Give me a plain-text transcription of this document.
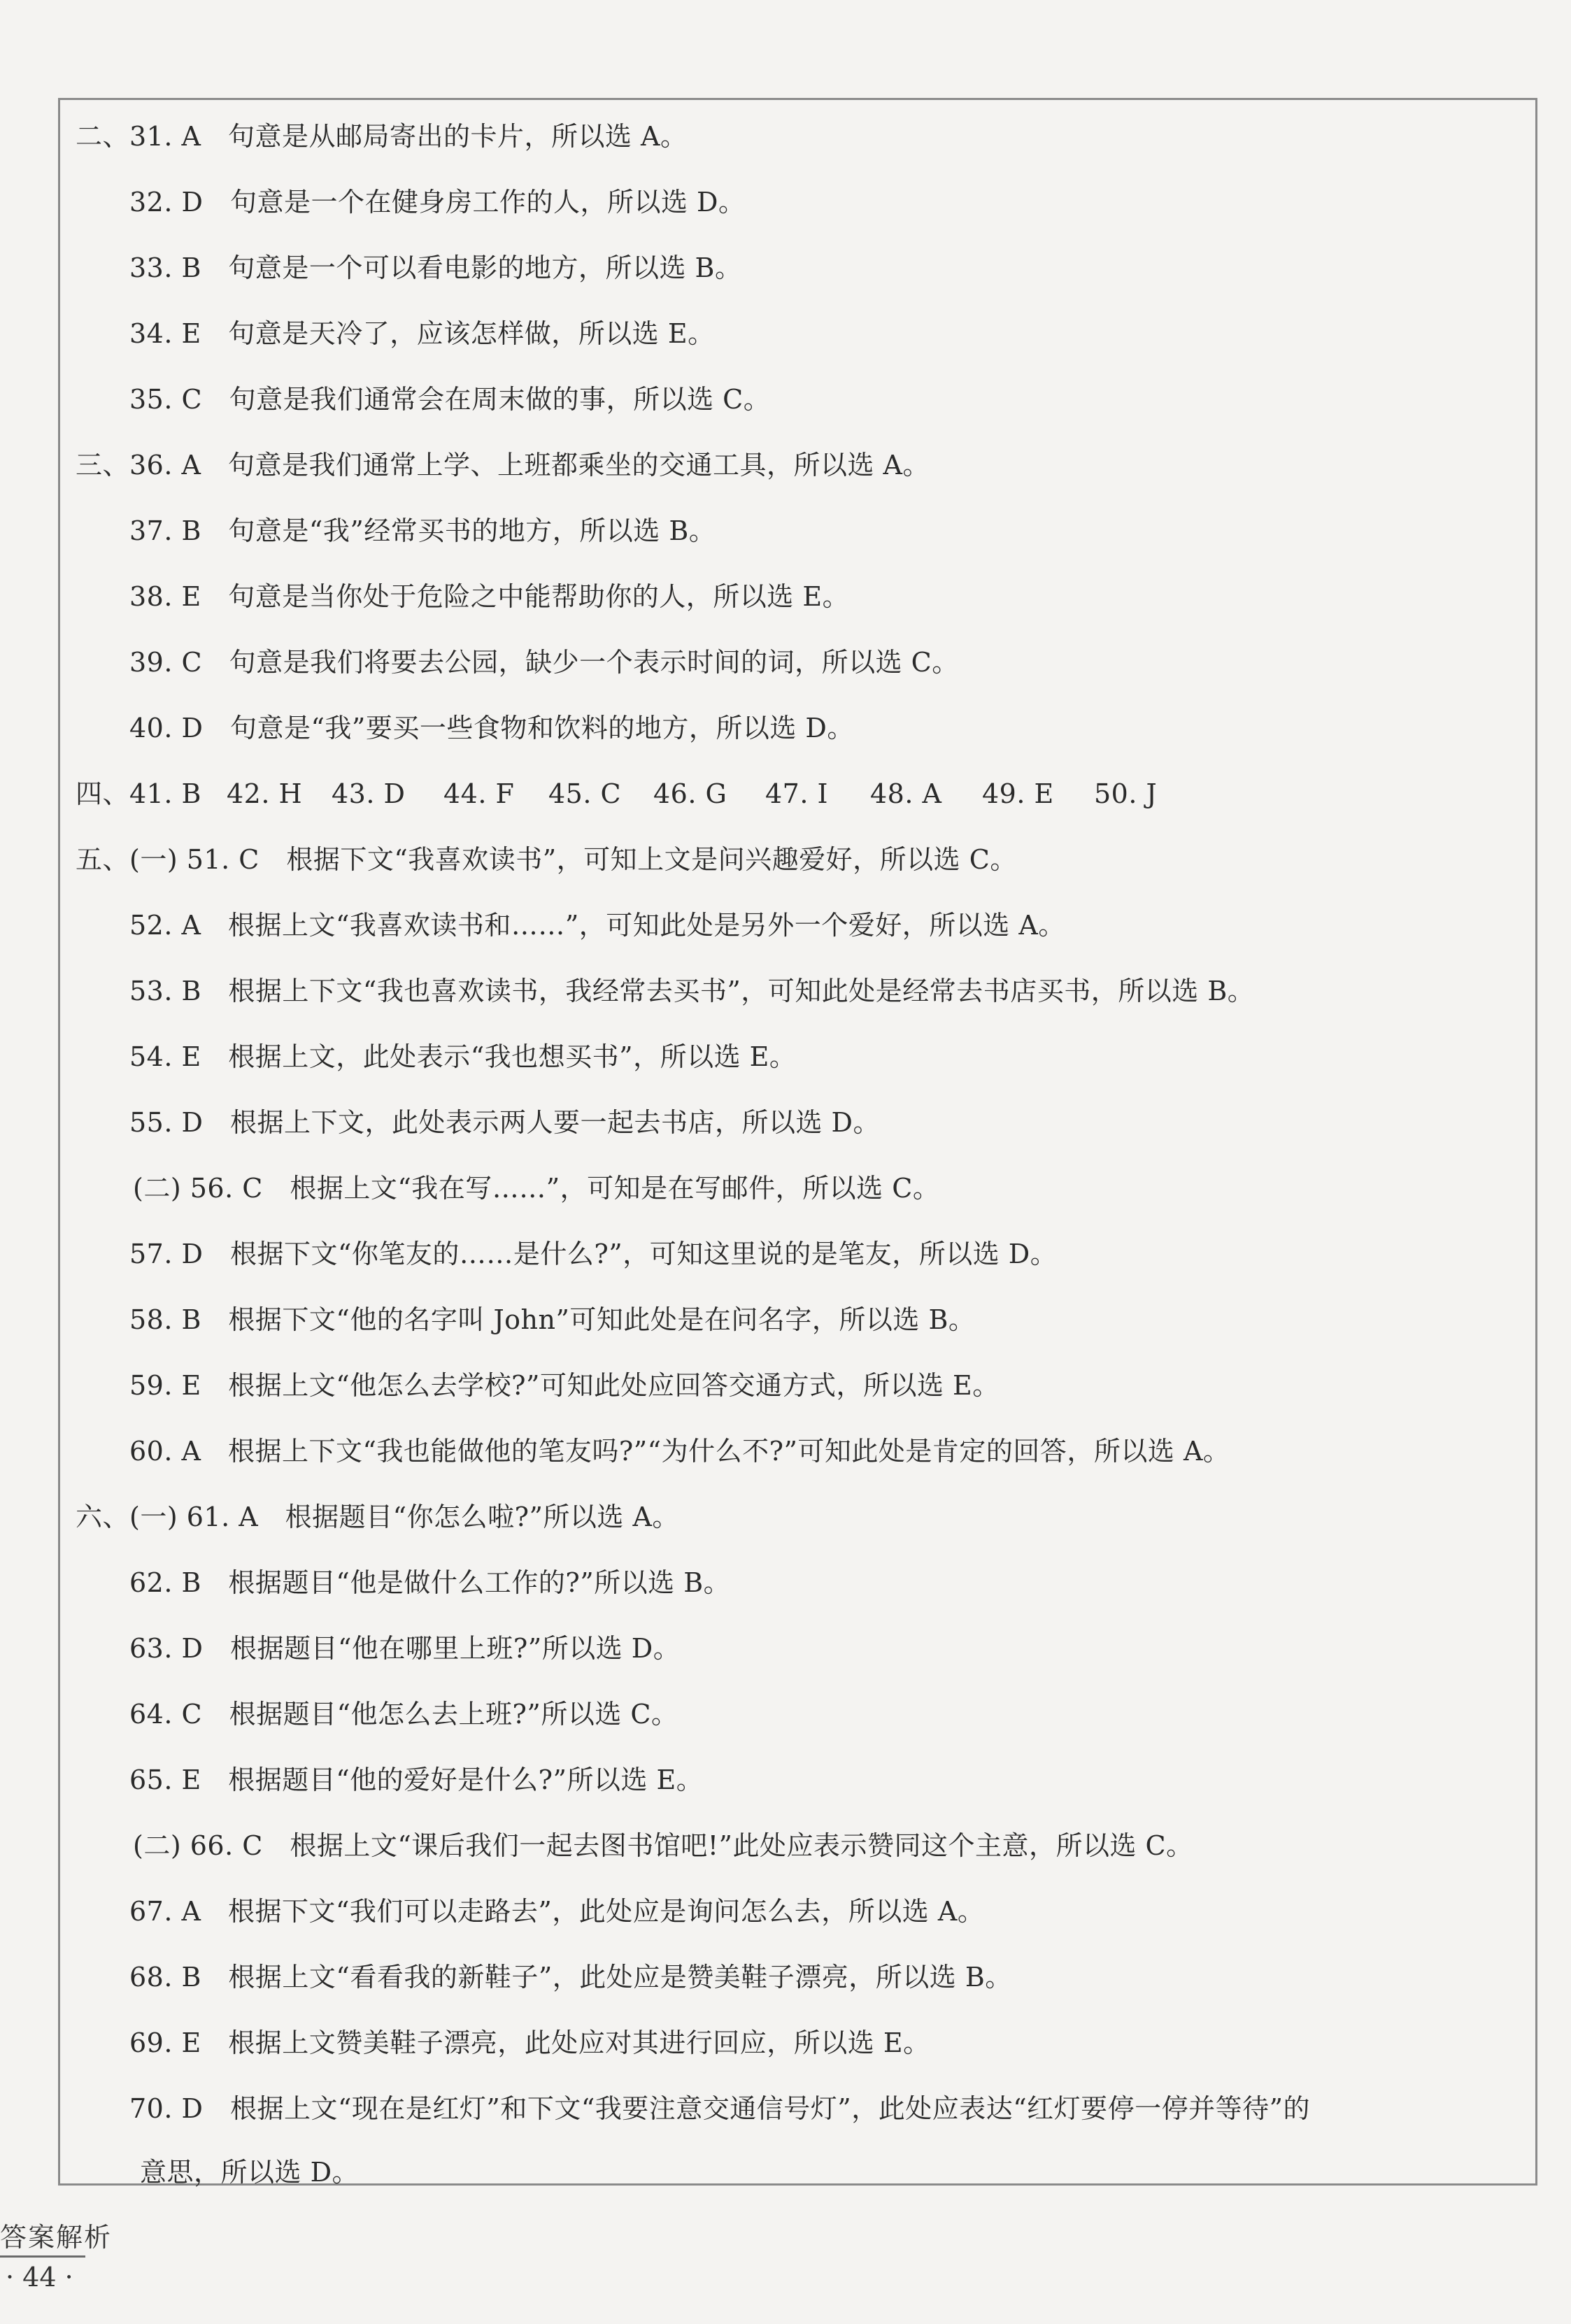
二、31. A　句意是从邮局寄出的卡片，所以选 A。
32. D　句意是一个在健身房工作的人，所以选 D。
33. B　句意是一个可以看电影的地方，所以选 B。
34. E　句意是天冷了，应该怎样做，所以选 E。
35. C　句意是我们通常会在周末做的事，所以选 C。
三、36. A　句意是我们通常上学、上班都乘坐的交通工具，所以选 A。
37. B　句意是“我”经常买书的地方，所以选 B。
38. E　句意是当你处于危险之中能帮助你的人，所以选 E。
39. C　句意是我们将要去公园，缺少一个表示时间的词，所以选 C。
40. D　句意是“我”要买一些食物和饮料的地方，所以选 D。
四、41. B 42. H	43. D	44. F	45. C	46. G	47. I	48. A	49. E	50. J
五、(一) 51. C　根据下文“我喜欢读书”，可知上文是问兴趣爱好，所以选 C。
52. A　根据上文“我喜欢读书和……”，可知此处是另外一个爱好，所以选 A。
53. B　根据上下文“我也喜欢读书，我经常去买书”，可知此处是经常去书店买书，所以选 B。
54. E　根据上文，此处表示“我也想买书”，所以选 E。
55. D　根据上下文，此处表示两人要一起去书店，所以选 D。
(二) 56. C　根据上文“我在写……”，可知是在写邮件，所以选 C。
57. D　根据下文“你笔友的……是什么?”，可知这里说的是笔友，所以选 D。
58. B　根据下文“他的名字叫 John”可知此处是在问名字，所以选 B。
59. E　根据上文“他怎么去学校?”可知此处应回答交通方式，所以选 E。
60. A　根据上下文“我也能做他的笔友吗?”“为什么不?”可知此处是肯定的回答，所以选 A。
六、(一) 61. A　根据题目“你怎么啦?”所以选 A。
62. B　根据题目“他是做什么工作的?”所以选 B。
63. D　根据题目“他在哪里上班?”所以选 D。
64. C　根据题目“他怎么去上班?”所以选 C。
65. E　根据题目“他的爱好是什么?”所以选 E。
(二) 66. C　根据上文“课后我们一起去图书馆吧!”此处应表示赞同这个主意，所以选 C。
67. A　根据下文“我们可以走路去”，此处应是询问怎么去，所以选 A。
68. B　根据上文“看看我的新鞋子”，此处应是赞美鞋子漂亮，所以选 B。
69. E　根据上文赞美鞋子漂亮，此处应对其进行回应，所以选 E。
70. D　根据上文“现在是红灯”和下文“我要注意交通信号灯”，此处应表达“红灯要停一停并等待”的
意思，所以选 D。
答案解析
· 44 ·
